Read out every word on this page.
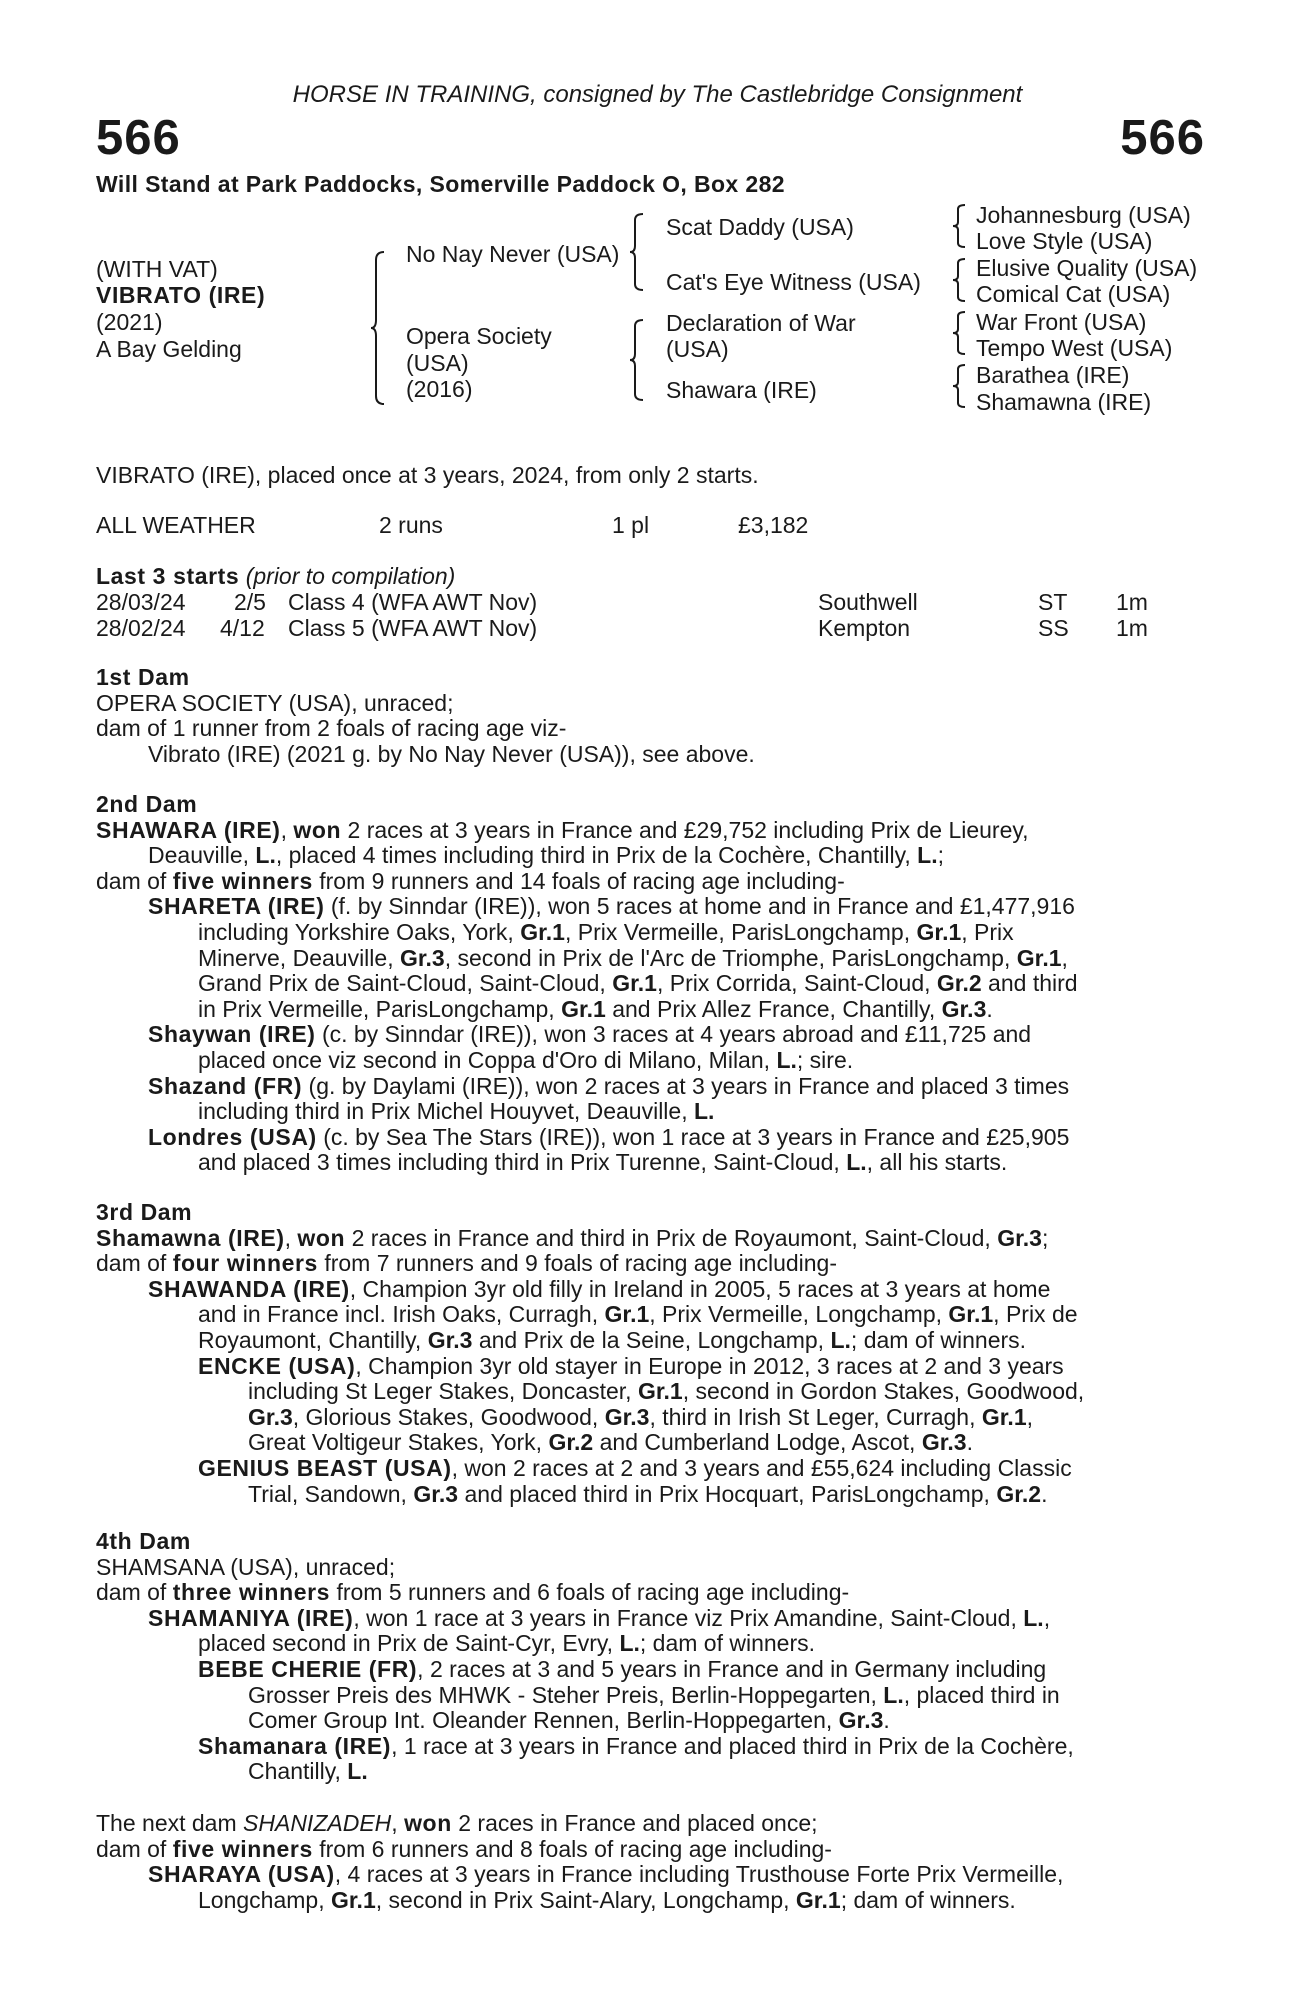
HORSE IN TRAINING, consigned by The Castlebridge Consignment
566	566
Will Stand at Park Paddocks, Somerville Paddock O, Box 282
(WITH VAT)
VIBRATO (IRE)
(2021)
A Bay Gelding
No Nay Never (USA)
Opera Society
(USA)
(2016)
Scat Daddy (USA)
Cat's Eye Witness (USA)
Declaration of War
(USA)
Shawara (IRE)
Johannesburg (USA)
Love Style (USA)
Elusive Quality (USA)
Comical Cat (USA)
War Front (USA)
Tempo West (USA)
Barathea (IRE)
Shamawna (IRE)
VIBRATO (IRE), placed once at 3 years, 2024, from only 2 starts.
ALL WEATHER	2 runs	1 pl	£3,182
Last 3 starts (prior to compilation)
28/03/24 2/5 Class 4 (WFA AWT Nov)	Southwell	ST 1m
28/02/24 4/12 Class 5 (WFA AWT Nov)	Kempton	SS 1m
1st Dam
OPERA SOCIETY (USA), unraced;
dam of 1 runner from 2 foals of racing age viz-
Vibrato (IRE) (2021 g. by No Nay Never (USA)), see above.
2nd Dam
SHAWARA (IRE), won 2 races at 3 years in France and £29,752 including Prix de Lieurey,
Deauville, L., placed 4 times including third in Prix de la Cochère, Chantilly, L.;
dam of five winners from 9 runners and 14 foals of racing age including-
SHARETA (IRE) (f. by Sinndar (IRE)), won 5 races at home and in France and £1,477,916
including Yorkshire Oaks, York, Gr.1, Prix Vermeille, ParisLongchamp, Gr.1, Prix
Minerve, Deauville, Gr.3, second in Prix de l'Arc de Triomphe, ParisLongchamp, Gr.1,
Grand Prix de Saint-Cloud, Saint-Cloud, Gr.1, Prix Corrida, Saint-Cloud, Gr.2 and third
in Prix Vermeille, ParisLongchamp, Gr.1 and Prix Allez France, Chantilly, Gr.3.
Shaywan (IRE) (c. by Sinndar (IRE)), won 3 races at 4 years abroad and £11,725 and
placed once viz second in Coppa d'Oro di Milano, Milan, L.; sire.
Shazand (FR) (g. by Daylami (IRE)), won 2 races at 3 years in France and placed 3 times
including third in Prix Michel Houyvet, Deauville, L.
Londres (USA) (c. by Sea The Stars (IRE)), won 1 race at 3 years in France and £25,905
and placed 3 times including third in Prix Turenne, Saint-Cloud, L., all his starts.
3rd Dam
Shamawna (IRE), won 2 races in France and third in Prix de Royaumont, Saint-Cloud, Gr.3;
dam of four winners from 7 runners and 9 foals of racing age including-
SHAWANDA (IRE), Champion 3yr old filly in Ireland in 2005, 5 races at 3 years at home
and in France incl. Irish Oaks, Curragh, Gr.1, Prix Vermeille, Longchamp, Gr.1, Prix de
Royaumont, Chantilly, Gr.3 and Prix de la Seine, Longchamp, L.; dam of winners.
ENCKE (USA), Champion 3yr old stayer in Europe in 2012, 3 races at 2 and 3 years
including St Leger Stakes, Doncaster, Gr.1, second in Gordon Stakes, Goodwood,
Gr.3, Glorious Stakes, Goodwood, Gr.3, third in Irish St Leger, Curragh, Gr.1,
Great Voltigeur Stakes, York, Gr.2 and Cumberland Lodge, Ascot, Gr.3.
GENIUS BEAST (USA), won 2 races at 2 and 3 years and £55,624 including Classic
Trial, Sandown, Gr.3 and placed third in Prix Hocquart, ParisLongchamp, Gr.2.
4th Dam
SHAMSANA (USA), unraced;
dam of three winners from 5 runners and 6 foals of racing age including-
SHAMANIYA (IRE), won 1 race at 3 years in France viz Prix Amandine, Saint-Cloud, L.,
placed second in Prix de Saint-Cyr, Evry, L.; dam of winners.
BEBE CHERIE (FR), 2 races at 3 and 5 years in France and in Germany including
Grosser Preis des MHWK - Steher Preis, Berlin-Hoppegarten, L., placed third in
Comer Group Int. Oleander Rennen, Berlin-Hoppegarten, Gr.3.
Shamanara (IRE), 1 race at 3 years in France and placed third in Prix de la Cochère,
Chantilly, L.
The next dam SHANIZADEH, won 2 races in France and placed once;
dam of five winners from 6 runners and 8 foals of racing age including-
SHARAYA (USA), 4 races at 3 years in France including Trusthouse Forte Prix Vermeille,
Longchamp, Gr.1, second in Prix Saint-Alary, Longchamp, Gr.1; dam of winners.
